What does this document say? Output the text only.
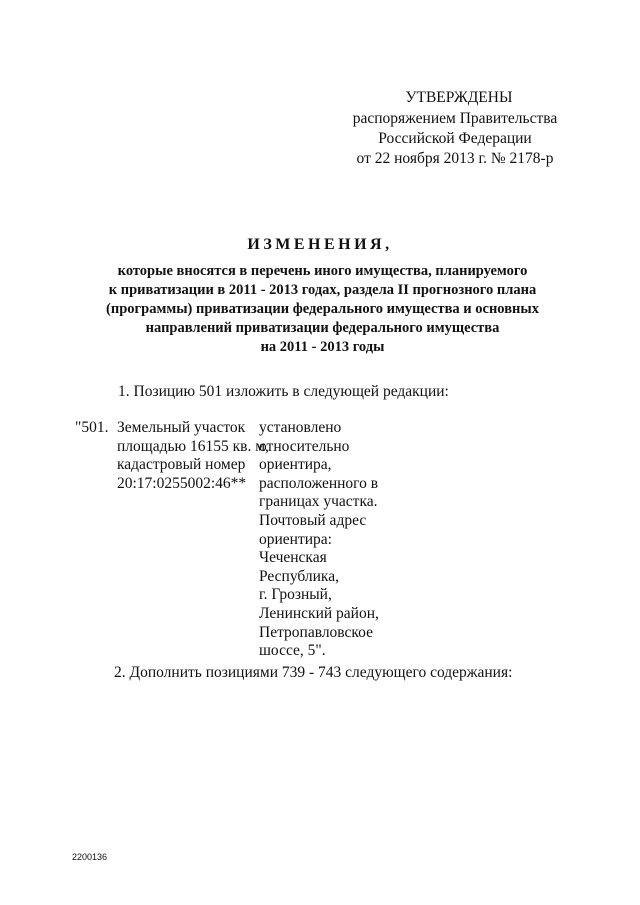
УТВЕРЖДЕНЫ
распоряжением Правительства
Российской Федерации
от 22 ноября 2013 г. № 2178-р
ИЗМЕНЕНИЯ,
которые вносятся в перечень иного имущества, планируемого
к приватизации в 2011 - 2013 годах, раздела II прогнозного плана
(программы) приватизации федерального имущества и основных
направлений приватизации федерального имущества
на 2011 - 2013 годы
1. Позицию 501 изложить в следующей редакции:
"501. Земельный участок
площадью 16155 кв. м,
кадастровый номер
20:17:0255002:46**
установлено
относительно
ориентира,
расположенного в
границах участка.
Почтовый адрес
ориентира:
Чеченская
Республика,
г. Грозный,
Ленинский район,
Петропавловское
шоссе, 5".
2. Дополнить позициями 739 - 743 следующего содержания:
2200136
